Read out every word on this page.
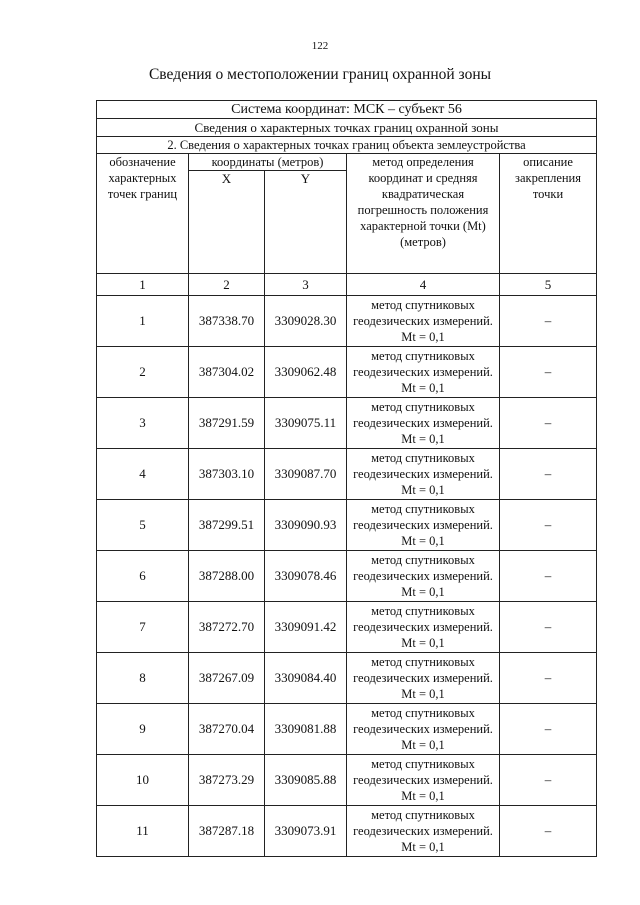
122
Сведения о местоположении границ охранной зоны
Система координат: МСК – субъект 56				
Сведения о характерных точках границ охранной зоны				
2. Сведения о характерных точках границ объекта землеустройства				
обозначение характерных точек границ	координаты (метров)		метод определения координат и средняя квадратическая погрешность положения характерной точки (Mt) (метров)	описание закрепления точки
	X	Y		
1	2	3	4	5
1	387338.70	3309028.30	метод спутниковых геодезических измерений. Mt = 0,1	–
2	387304.02	3309062.48	метод спутниковых геодезических измерений. Mt = 0,1	–
3	387291.59	3309075.11	метод спутниковых геодезических измерений. Mt = 0,1	–
4	387303.10	3309087.70	метод спутниковых геодезических измерений. Mt = 0,1	–
5	387299.51	3309090.93	метод спутниковых геодезических измерений. Mt = 0,1	–
6	387288.00	3309078.46	метод спутниковых геодезических измерений. Mt = 0,1	–
7	387272.70	3309091.42	метод спутниковых геодезических измерений. Mt = 0,1	–
8	387267.09	3309084.40	метод спутниковых геодезических измерений. Mt = 0,1	–
9	387270.04	3309081.88	метод спутниковых геодезических измерений. Mt = 0,1	–
10	387273.29	3309085.88	метод спутниковых геодезических измерений. Mt = 0,1	–
11	387287.18	3309073.91	метод спутниковых геодезических измерений. Mt = 0,1	–
